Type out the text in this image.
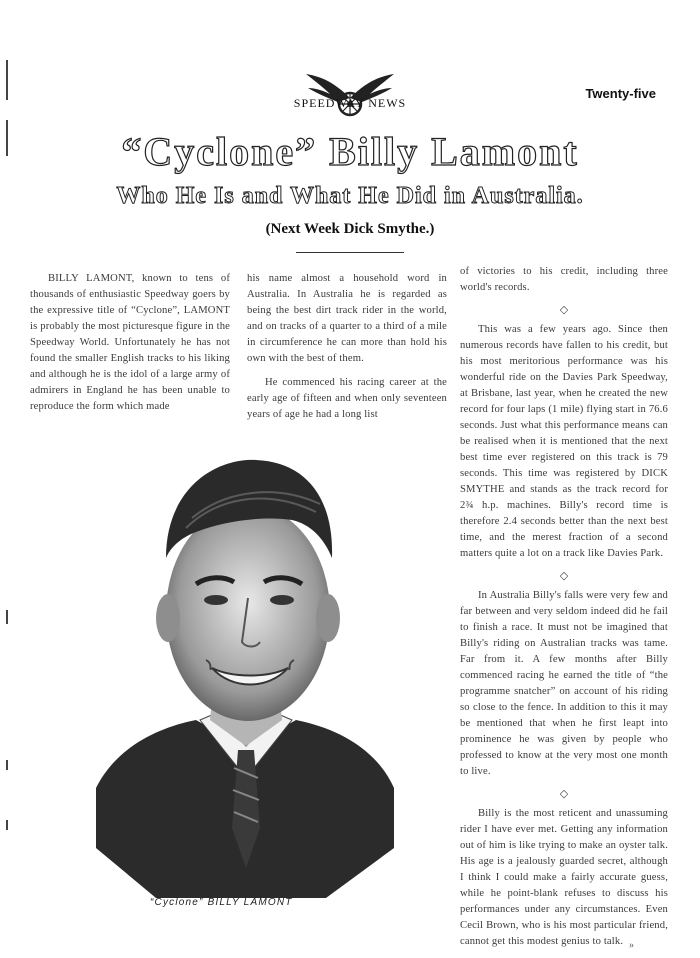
SPEEDWAY NEWS
Twenty-five
“Cyclone” Billy Lamont
Who He Is and What He Did in Australia.
(Next Week Dick Smythe.)

BILLY LAMONT, known to tens of thousands of enthusiastic Speedway goers by the expressive title of “Cyclone”, LAMONT is probably the most picturesque figure in the Speedway World. Unfortunately he has not found the smaller English tracks to his liking and although he is the idol of a large army of admirers in England he has been unable to reproduce the form which made

his name almost a household word in Australia. In Australia he is regarded as being the best dirt track rider in the world, and on tracks of a quarter to a third of a mile in circumference he can more than hold his own with the best of them.

He commenced his racing career at the early age of fifteen and when only seventeen years of age he had a long list

of victories to his credit, including three world's records.

◇

This was a few years ago. Since then numerous records have fallen to his credit, but his most meritorious performance was his wonderful ride on the Davies Park Speedway, at Brisbane, last year, when he created the new record for four laps (1 mile) flying start in 76.6 seconds. Just what this performance means can be realised when it is mentioned that the next best time ever registered on this track is 79 seconds. This time was registered by DICK SMYTHE and stands as the track record for 2¾ h.p. machines. Billy's record time is therefore 2.4 seconds better than the next best time, and the merest fraction of a second matters quite a lot on a track like Davies Park.

◇

In Australia Billy's falls were very few and far between and very seldom indeed did he fail to finish a race. It must not be imagined that Billy's riding on Australian tracks was tame. Far from it. A few months after Billy commenced racing he earned the title of “the programme snatcher” on account of his riding so close to the fence. In addition to this it may be mentioned that when he first leapt into prominence he was given by people who professed to know at the very most one month to live.

◇

Billy is the most reticent and unassuming rider I have ever met. Getting any information out of him is like trying to make an oyster talk. His age is a jealously guarded secret, although I think I could make a fairly accurate guess, while he point-blank refuses to discuss his performances under any circumstances. Even Cecil Brown, who is his most particular friend, cannot get this modest genius to talk.

“Cyclone” BILLY LAMONT
»
